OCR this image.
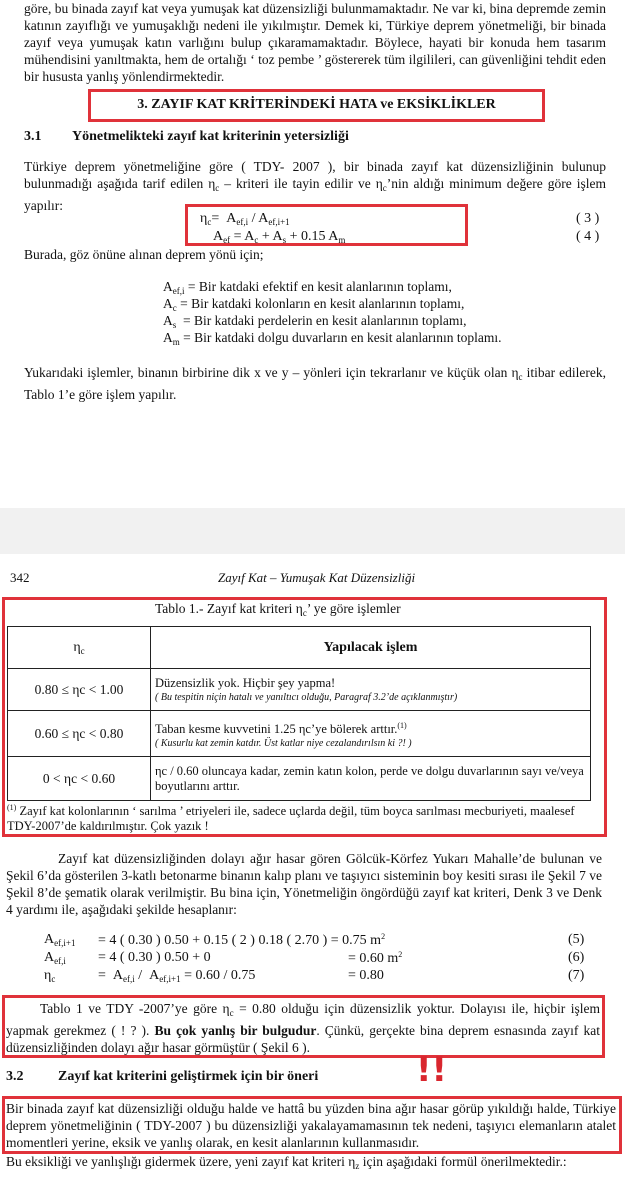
göre, bu binada zayıf kat veya yumuşak kat düzensizliği bulunmamaktadır. Ne var ki, bina depremde zemin katının zayıflığı ve yumuşaklığı nedeni ile yıkılmıştır. Demek ki, Türkiye deprem yönetmeliği, bir binada zayıf veya yumuşak katın varlığını bulup çıkaramamaktadır. Böylece, hayati bir konuda hem tasarım mühendisini yanıltmakta, hem de ortalığı ‘ toz pembe ’ göstererek tüm ilgilileri, can güvenliğini tehdit eden bir hususta yanlış yönlendirmektedir.
3. ZAYIF KAT KRİTERİNDEKİ HATA ve EKSİKLİKLER
3.1 Yönetmelikteki zayıf kat kriterinin yetersizliği
Türkiye deprem yönetmeliğine göre ( TDY- 2007 ), bir binada zayıf kat düzensizliğinin bulunup bulunmadığı aşağıda tarif edilen $\eta_c$ – kriteri ile tayin edilir ve $\eta_c’nin$ aldığı minimum değere göre işlem yapılır:
$\eta_c= A_{ef,i} / A_{ef,i+1}$
$A_{ef} = A_c + A_s + 0.15$ $A_m$
( 3 )
( 4 )
Burada, göz önüne alınan deprem yönü için;
$A_{ef,i}$ = Bir katdaki efektif en kesit alanlarının toplamı,
$A_c$ = Bir katdaki kolonların en kesit alanlarının toplamı,
$A_s$ = Bir katdaki perdelerin en kesit alanlarının toplamı,
$A_m$ = Bir katdaki dolgu duvarların en kesit alanlarının toplamı.
Yukarıdaki işlemler, binanın birbirine dik x ve y – yönleri için tekrarlanır ve küçük olan $\eta_c$ itibar edilerek, Tablo 1’e göre işlem yapılır.
342	Zayıf Kat – Yumuşak Kat Düzensizliği
Tablo 1.- Zayıf kat kriteri $\eta_c$’ ye göre işlemler
$\eta_c$	Yapılacak işlem
0.80 ≤ ηc < 1.00	Düzensizlik yok. Hiçbir şey yapma!
( Bu tespitin niçin hatalı ve yanıltıcı olduğu, Paragraf 3.2’de açıklanmıştır)

0.60 ≤ ηc < 0.80	Taban kesme kuvvetini 1.25 ηc’ye bölerek arttır.$^{(1)}$
( Kusurlu kat zemin katdır. Üst katlar niye cezalandırılsın ki ?! )

0 < ηc < 0.60	ηc / 0.60 oluncaya kadar, zemin katın kolon, perde ve dolgu duvarlarının sayı ve/veya boyutlarını arttır.
$^{(1)}$ Zayıf kat kolonlarının ‘ sarılma ’ etriyeleri ile, sadece uçlarda değil, tüm boyca sarılması mecburiyeti, maalesef TDY-2007’de kaldırılmıştır. Çok yazık !
Zayıf kat düzensizliğinden dolayı ağır hasar gören Gölcük-Körfez Yukarı Mahalle’de bulunan ve Şekil 6’da gösterilen 3-katlı betonarme binanın kalıp planı ve taşıyıcı sisteminin boy kesiti sırası ile Şekil 7 ve Şekil 8’de şematik olarak verilmiştir. Bu bina için, Yönetmeliğin öngördüğü zayıf kat kriteri, Denk 3 ve Denk 4 yardımı ile, aşağıdaki şekilde hesaplanır:
$A_{ef,i+1} = 4$ ( 0.30 ) 0.50 + 0.15 ( 2 ) 0.18 ( 2.70 ) = 0.75 $m^2$	(5)
$A_{ef,i} = 4$ ( 0.30 ) 0.50 + 0	= 0.60 $m^2$	(6)
$\eta_c$	=  $A_{ef,i} / A_{ef,i+1} = 0.60 / 0.75$	= 0.80	(7)
Tablo 1 ve TDY -2007’ye göre $\eta_c = 0.80$ olduğu için düzensizlik yoktur. Dolayısı ile, hiçbir işlem yapmak gerekmez ( ! ? ). Bu çok yanlış bir bulgudur. Çünkü, gerçekte bina deprem esnasında zayıf kat düzensizliğinden dolayı ağır hasar görmüştür ( Şekil 6 ).
3.2 Zayıf kat kriterini geliştirmek için bir öneri	!!
Bir binada zayıf kat düzensizliği olduğu halde ve hattâ bu yüzden bina ağır hasar görüp yıkıldığı halde, Türkiye deprem yönetmeliğinin ( TDY-2007 ) bu düzensizliği yakalayamamasının tek nedeni, taşıyıcı elemanların atalet momentleri yerine, eksik ve yanlış olarak, en kesit alanlarının kullanmasıdır.
Bu eksikliği ve yanlışlığı gidermek üzere, yeni zayıf kat kriteri $\eta_z$ için aşağıdaki formül önerilmektedir.:
